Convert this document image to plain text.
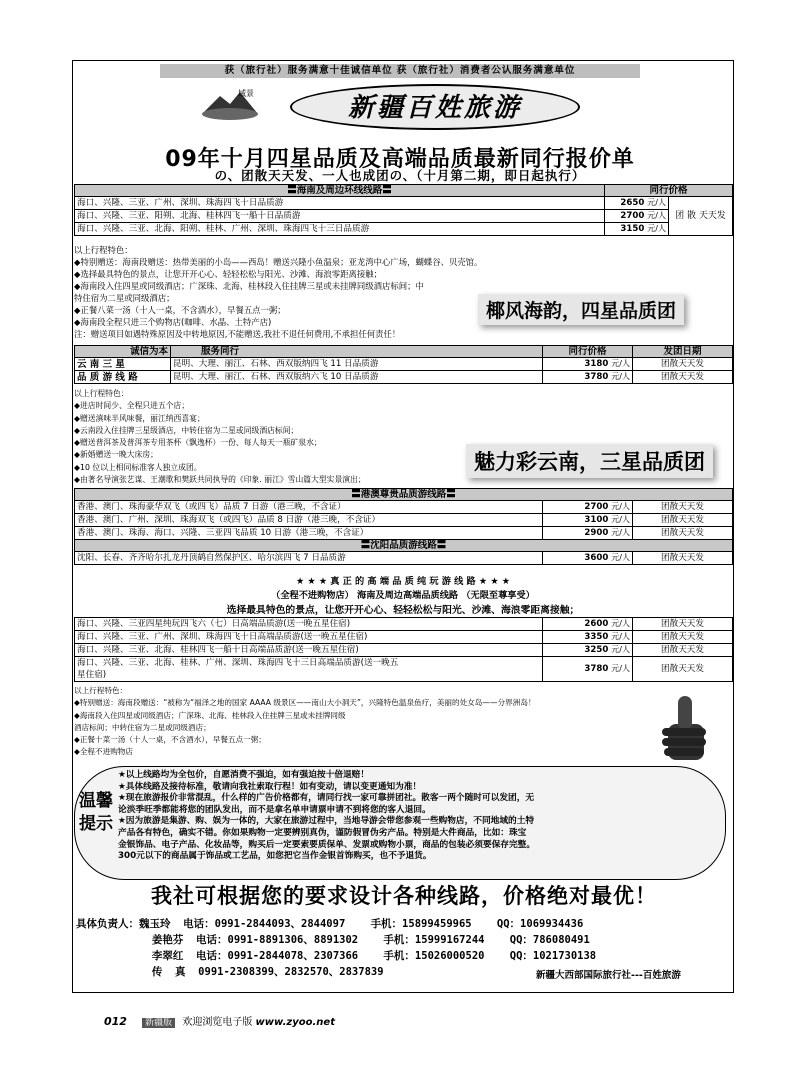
获（旅行社）服务满意十佳诚信单位 获（旅行社）消费者公认服务满意单位
域景	新疆百姓旅游
09年十月四星品质及高端品质最新同行报价单
の、团散天天发、一人也成团の、（十月第二期，即日起执行）
〓海南及周边环线线路〓	同行价格	
海口、兴隆、三亚、广州、深圳、珠海四飞十日品质游	2650 元/人	团 散 天天发
海口、兴隆、三亚、阳朔、北海、桂林四飞一船十日品质游	2700 元/人	
海口、兴隆、三亚、北海、阳朔、桂林、广州、深圳、珠海四飞十三日品质游	3150 元/人	
以上行程特色：
◆特别赠送：海南段赠送：热带美丽的小岛——西岛！赠送兴隆小鱼温泉；亚龙湾中心广场，蝴蝶谷、贝壳馆。
◆选择最具特色的景点，让您开开心心、轻轻松松与阳光、沙滩、海浪零距离接触；
◆海南段入住四星或同级酒店；广深珠、北海、桂林段入住挂牌三星或未挂牌同级酒店标间；中
特住宿为二星或同级酒店；
◆正餐八菜一汤（十人一桌，不含酒水），早餐五点一粥；
◆海南段全程只进三个购物店(咖啡、水晶、土特产店)
注：赠送项目如遇特殊原因及中转地原因,不能赠送,我社不退任何费用,不承担任何责任！
椰风海韵，四星品质团
诚信为本	服务同行	同行价格	发团日期
云 南 三 星	昆明、大理、丽江、石林、西双版纳四飞 11 日品质游	3180 元/人	团散天天发
品 质 游 线 路	昆明、大理、丽江、石林、西双版纳六飞 10 日品质游	3780 元/人	团散天天发
以上行程特色：
◆进店时间少、全程只进五个店；
◆赠送滇味半风味餐，丽江纳西喜宴；
◆云南段入住挂牌三星级酒店，中转住宿为二星或同级酒店标间；
◆赠送普洱茶及普洱茶专用茶杯（飘逸杯）一份、每人每天一瓶矿泉水；
◆新婚赠送一晚大床房；
◆10 位以上相同标准客人独立成团。
◆由著名导演张艺谋、王潮歌和樊跃共同执导的《印象. 丽江》雪山篇大型实景演出；
魅力彩云南，三星品质团
〓港澳尊贵品质游线路〓		
香港、澳门、珠海豪华双飞（或四飞）品质 7 日游（港三晚，不含证）	2700 元/人	团散天天发
香港、澳门、广州、深圳、珠海双飞（或四飞）品质 8 日游（港三晚，不含证）	3100 元/人	团散天天发
香港、澳门、珠海、海口、兴隆、三亚四飞品质 10 日游（港三晚，不含证）	2900 元/人	团散天天发
〓沈阳品质游线路〓		
沈阳、长春、齐齐哈尔扎龙丹顶鹤自然保护区、哈尔滨四飞 7 日品质游	3600 元/人	团散天天发
★ ★ ★ 真 正 的 高 端 品 质 纯 玩 游 线 路 ★ ★ ★
（全程不进购物店） 海南及周边高端品质线路 （无限至尊享受）
选择最具特色的景点，让您开开心心、轻轻松松与阳光、沙滩、海浪零距离接触；
海口、兴隆、三亚四星纯玩四飞六（七）日高端品质游(送一晚五星住宿)	2600 元/人	团散天天发
海口、兴隆、三亚、广州、深圳、珠海四飞十日高端品质游(送一晚五星住宿)	3350 元/人	团散天天发
海口、兴隆、三亚、北海、桂林四飞一船十日高端品质游(送一晚五星住宿)	3250 元/人	团散天天发
海口、兴隆、三亚、北海、桂林、广州、深圳、珠海四飞十三日高端品质游(送一晚五
星住宿)	3780 元/人	团散天天发
以上行程特色：
◆特别赠送：海南段赠送：“被称为“福泽之地的国家 AAAA 级景区——南山大小洞天”，兴隆特色温泉鱼疗，美丽的处女岛——分界洲岛！
◆海南段入住四星或同级酒店；广深珠、北海、桂林段入住挂牌三星或未挂牌同级
酒店标间；中转住宿为二星或同级酒店；
◆正餐十菜一汤（十人一桌，不含酒水），早餐五点一粥；
◆全程不进购物店
温馨提示
★以上线路均为全包价，自愿消费不强迫，如有强迫按十倍退赔！
★具体线路及接待标准，敬请向我社索取行程！如有变动，请以变更通知为准！
★现在旅游报价非常混乱，什么样的广告价格都有，请同行找一家可靠拼团社。散客一两个随时可以发团，无
论淡季旺季都能将您的团队发出，而不是拿名单申请票申请不到将您的客人退回。
★因为旅游是集游、购、娱为一体的，大家在旅游过程中，当地导游会带您参观一些购物店，不同地域的土特
产品各有特色，确实不错。你如果购物一定要辨别真伪，谨防假冒伪劣产品。特别是大件商品，比如：珠宝
金银饰品、电子产品、化妆品等，购买后一定要索要质保单、发票或购物小票，商品的包装必须要保存完整。
300元以下的商品属于饰品或工艺品，如您把它当作金银首饰购买，也不予退货。
我社可根据您的要求设计各种线路，价格绝对最优！
具体负责人：魏玉玲 电话：0991-2844093、2844097 手机：15899459965 QQ：1069934436
姜艳芬 电话：0991-8891306、8891302 手机：15999167244 QQ：786080491
李翠红 电话：0991-2844078、2307366 手机：15026000520 QQ：1021730138
传  真 0991-2308399、2832570、2837839	新疆大西部国际旅行社---百姓旅游
012 新疆版 欢迎浏览电子版 www.zyoo.net
